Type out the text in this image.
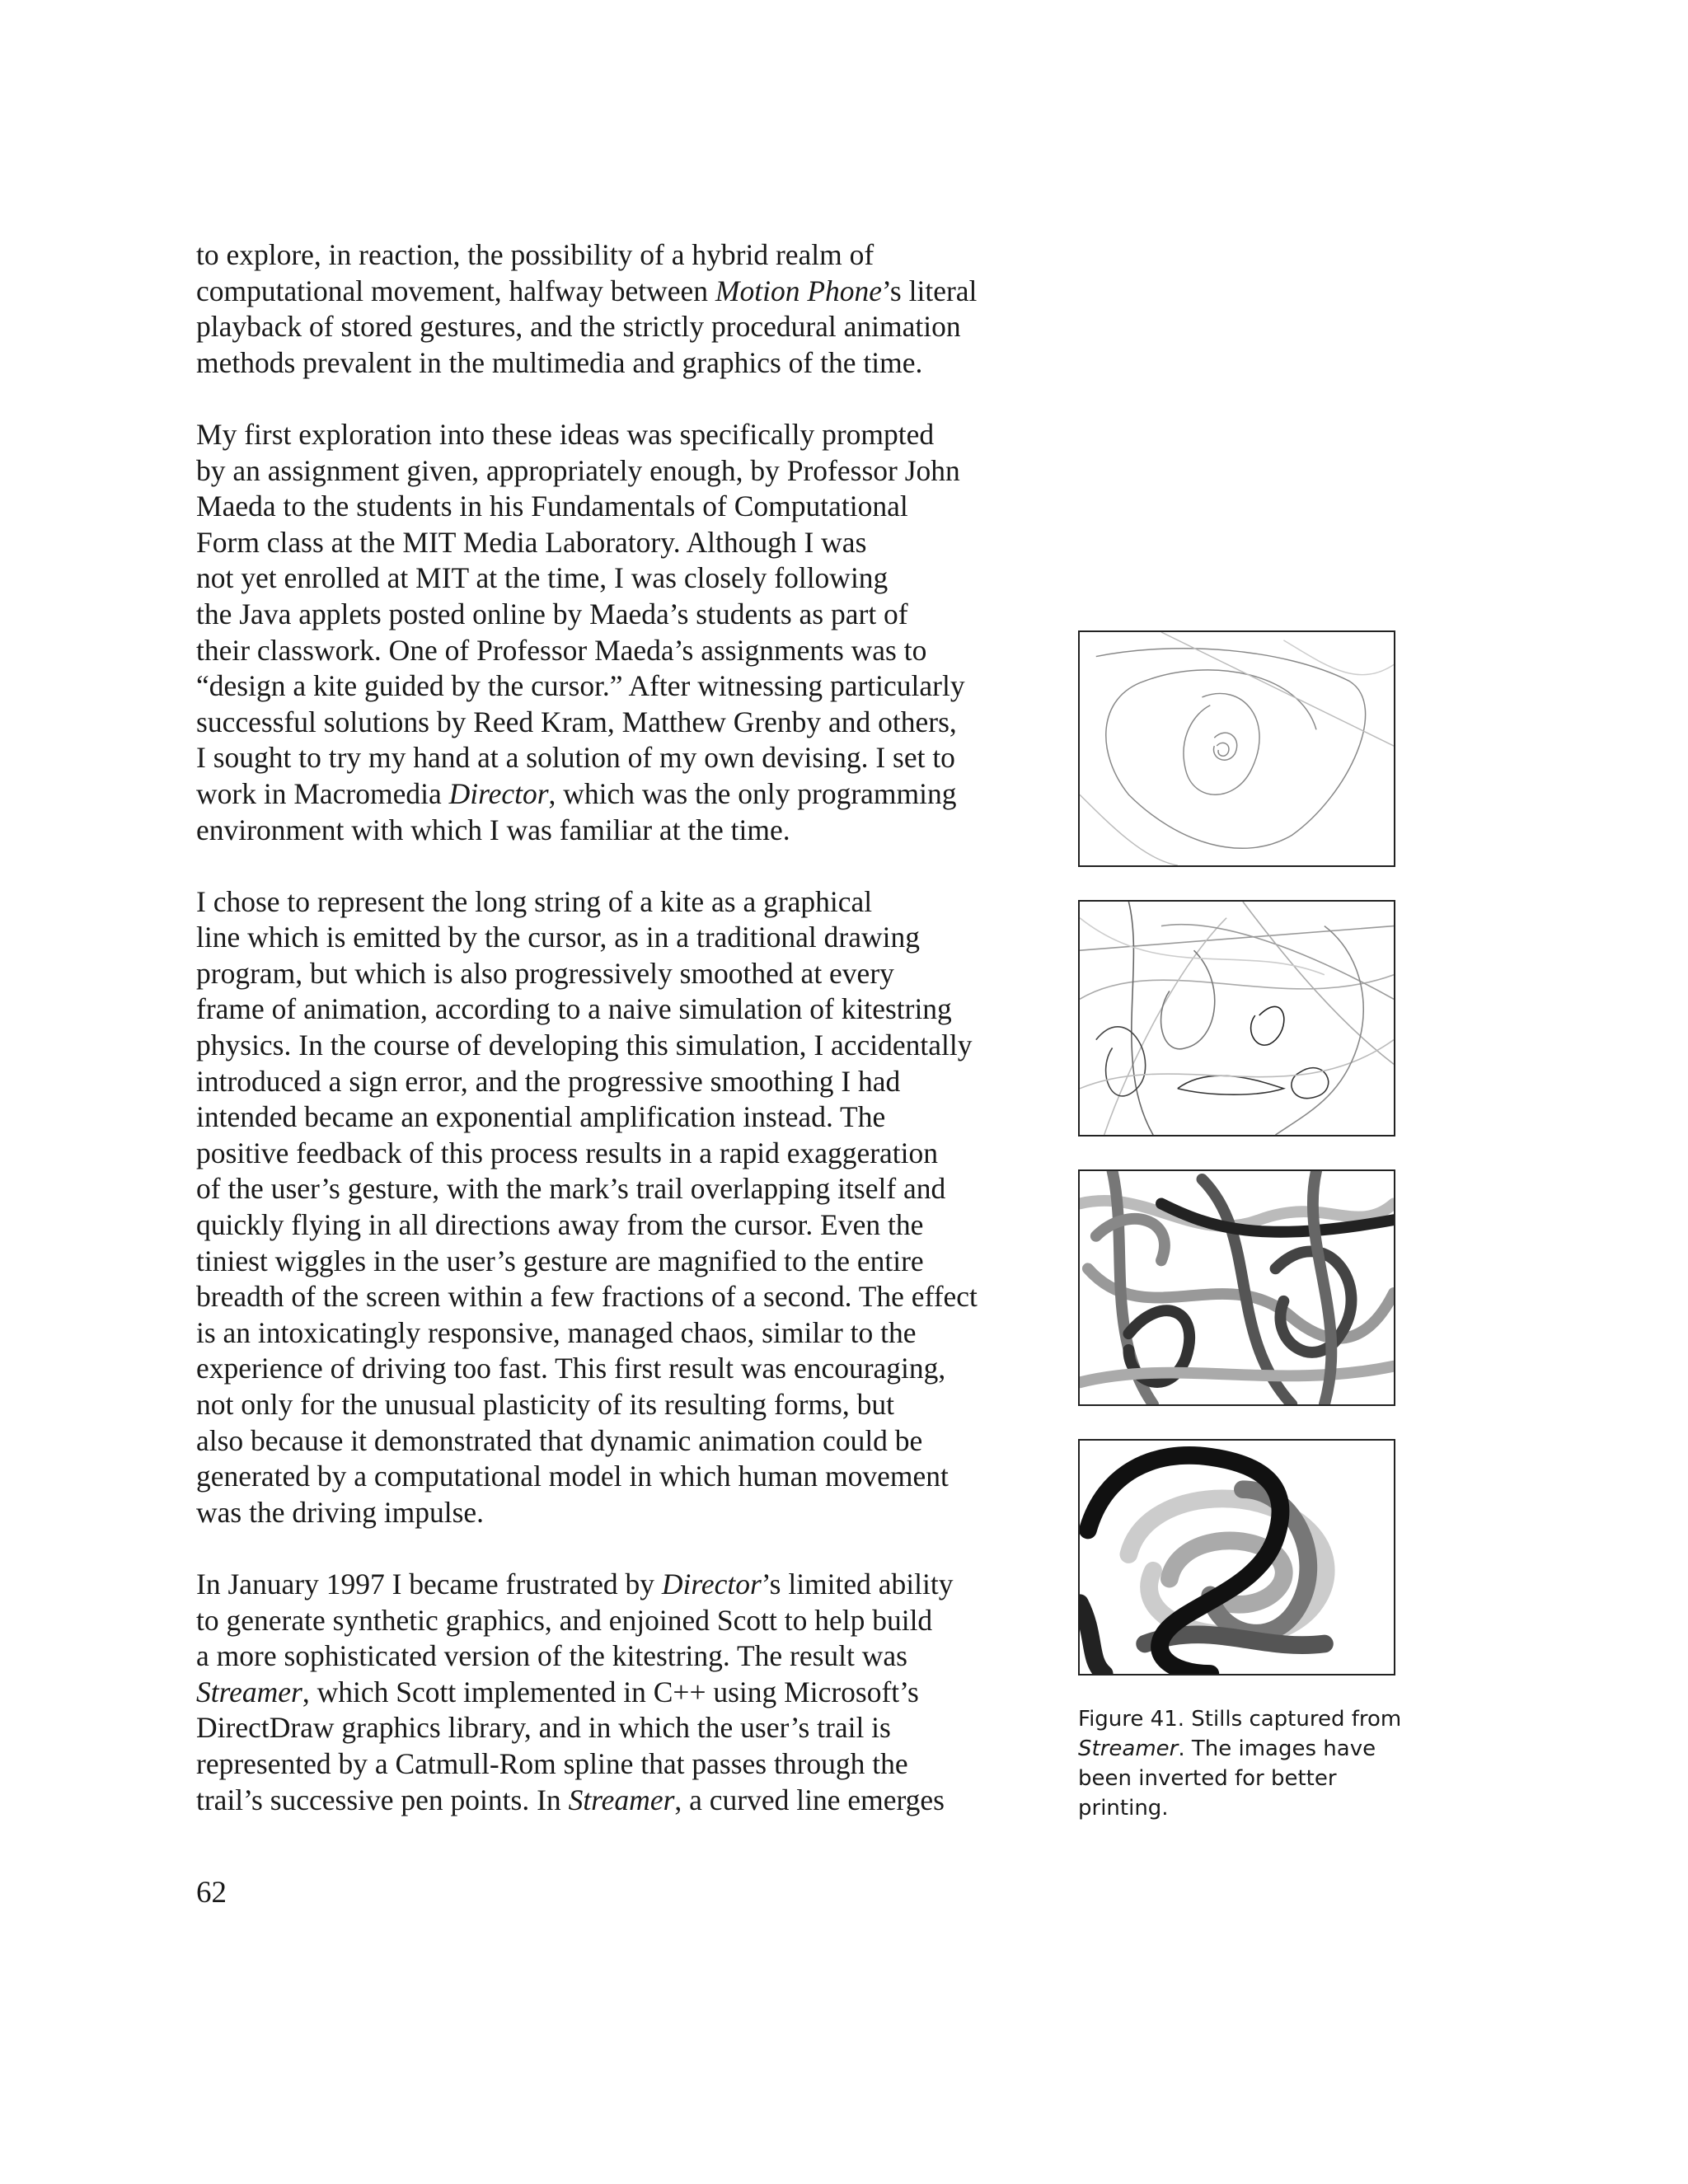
to explore, in reaction, the possibility of a hybrid realm of
computational movement, halfway between Motion Phone’s literal
playback of stored gestures, and the strictly procedural animation
methods prevalent in the multimedia and graphics of the time.

My first exploration into these ideas was specifically prompted
by an assignment given, appropriately enough, by Professor John
Maeda to the students in his Fundamentals of Computational
Form class at the MIT Media Laboratory. Although I was
not yet enrolled at MIT at the time, I was closely following
the Java applets posted online by Maeda’s students as part of
their classwork. One of Professor Maeda’s assignments was to
“design a kite guided by the cursor.” After witnessing particularly
successful solutions by Reed Kram, Matthew Grenby and others,
I sought to try my hand at a solution of my own devising. I set to
work in Macromedia Director, which was the only programming
environment with which I was familiar at the time.

I chose to represent the long string of a kite as a graphical
line which is emitted by the cursor, as in a traditional drawing
program, but which is also progressively smoothed at every
frame of animation, according to a naive simulation of kitestring
physics. In the course of developing this simulation, I accidentally
introduced a sign error, and the progressive smoothing I had
intended became an exponential amplification instead. The
positive feedback of this process results in a rapid exaggeration
of the user’s gesture, with the mark’s trail overlapping itself and
quickly flying in all directions away from the cursor. Even the
tiniest wiggles in the user’s gesture are magnified to the entire
breadth of the screen within a few fractions of a second. The effect
is an intoxicatingly responsive, managed chaos, similar to the
experience of driving too fast. This first result was encouraging,
not only for the unusual plasticity of its resulting forms, but
also because it demonstrated that dynamic animation could be
generated by a computational model in which human movement
was the driving impulse.

In January 1997 I became frustrated by Director’s limited ability
to generate synthetic graphics, and enjoined Scott to help build
a more sophisticated version of the kitestring. The result was
Streamer, which Scott implemented in C++ using Microsoft’s
DirectDraw graphics library, and in which the user’s trail is
represented by a Catmull-Rom spline that passes through the
trail’s successive pen points. In Streamer, a curved line emerges

62
Figure 41. Stills captured from
Streamer. The images have
been inverted for better
printing.
